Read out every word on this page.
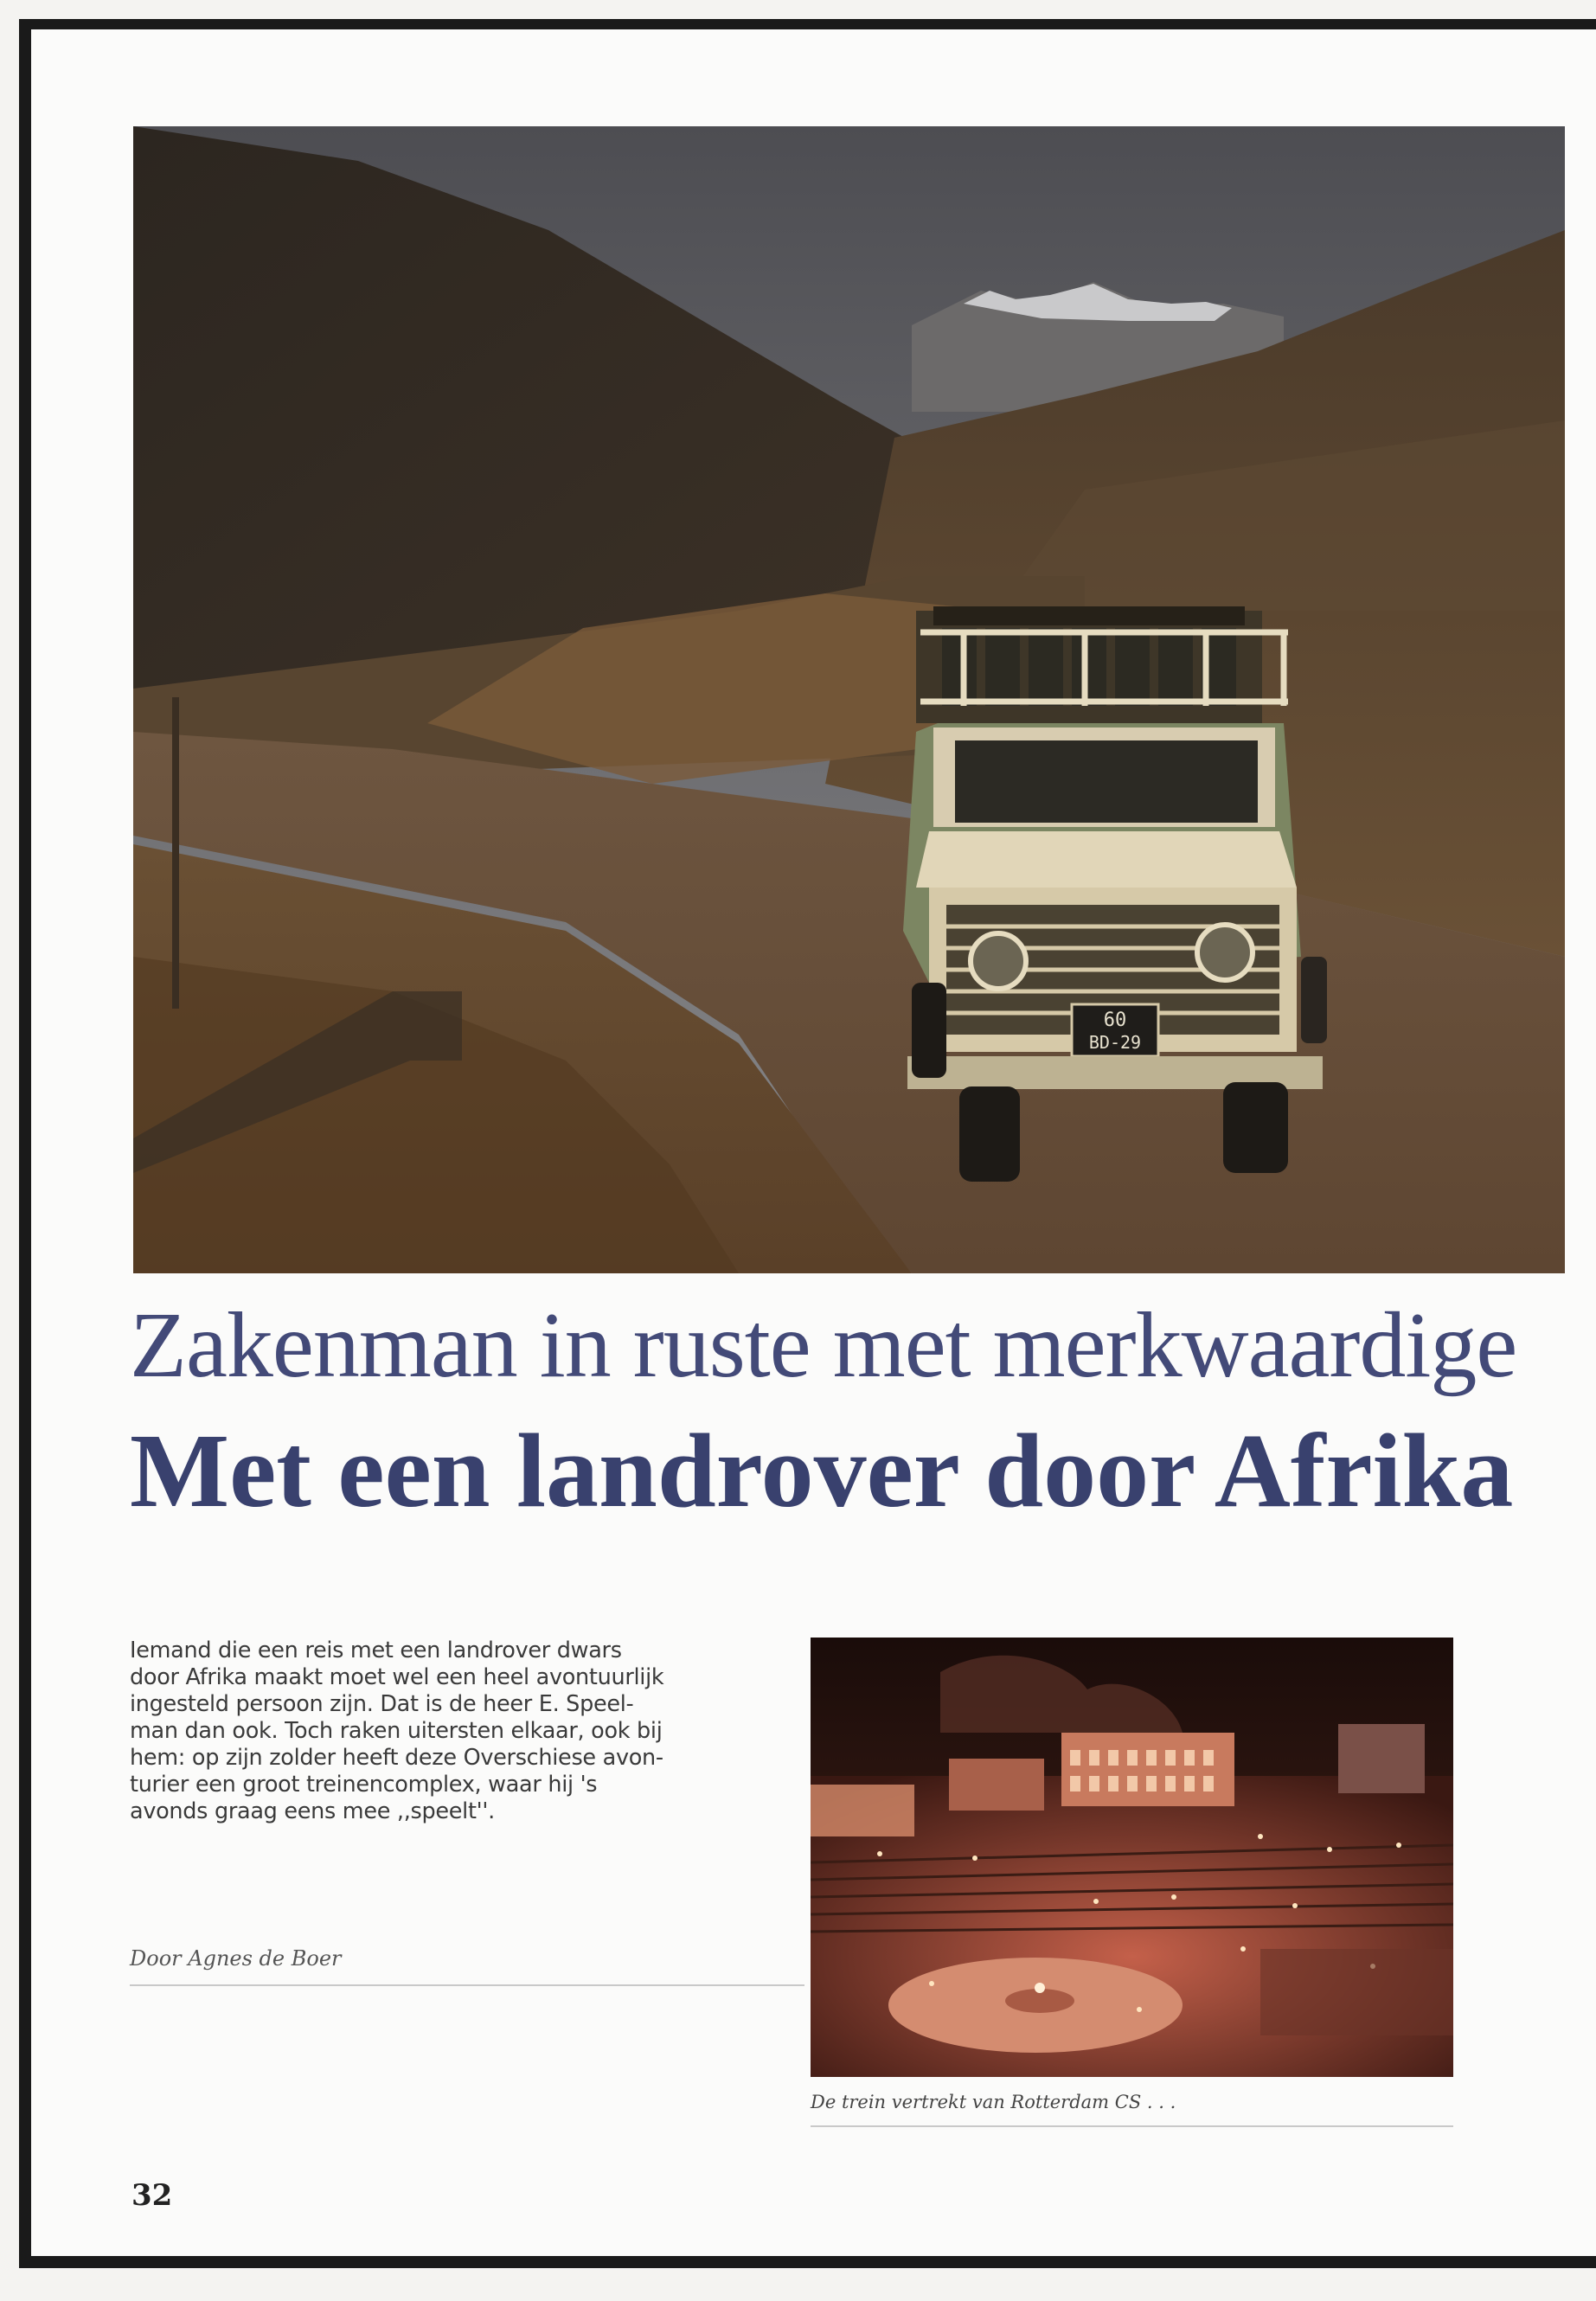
60
BD-29
Zakenman in ruste met merkwaardige
Met een landrover door Afrika
Iemand die een reis met een landrover dwars
door Afrika maakt moet wel een heel avontuurlijk
ingesteld persoon zijn. Dat is de heer E. Speel-
man dan ook. Toch raken uitersten elkaar, ook bij
hem: op zijn zolder heeft deze Overschiese avon-
turier een groot treinencomplex, waar hij 's
avonds graag eens mee ,,speelt''.
Door Agnes de Boer
De trein vertrekt van Rotterdam CS . . .
32
